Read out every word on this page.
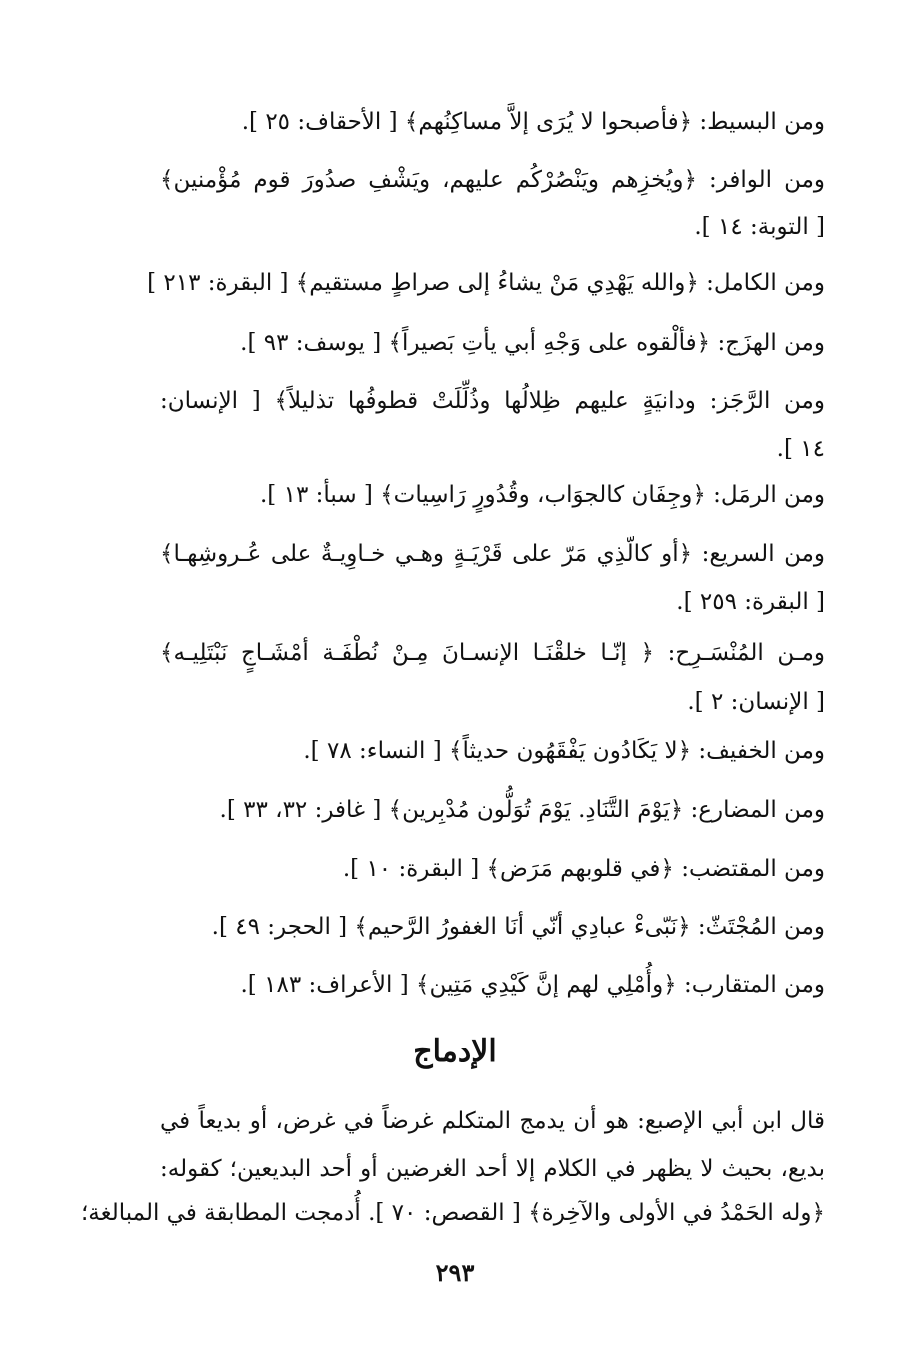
ومن البسيط: ﴿فأصبحوا لا يُرَى إلاَّ مساكِنُهم﴾ [ الأحقاف: ٢٥ ].
ومن الوافر: ﴿ويُخزِهم ويَنْصُرْكُم عليهم، ويَشْفِ صدُورَ قوم مُؤْمنين﴾
[ التوبة: ١٤ ].
ومن الكامل: ﴿والله يَهْدِي مَنْ يشاءُ إلى صراطٍ مستقيم﴾ [ البقرة: ٢١٣ ]
ومن الهزَج: ﴿فألْقوه على وَجْهِ أبي يأتِ بَصيراً﴾ [ يوسف: ٩٣ ].
ومن الرَّجَز: ودانيَةٍ عليهم ظِلالُها وذُلِّلَتْ قطوفُها تذليلاً﴾ [ الإنسان:
١٤ ].
ومن الرمَل: ﴿وجِفَان كالجوَاب، وقُدُورٍ رَاسِيات﴾ [ سبأ: ١٣ ].
ومن السريع: ﴿أو كالّذِي مَرّ على قَرْيَـةٍ وهـي خـاوِيـةٌ على عُـروشِهـا﴾
[ البقرة: ٢٥٩ ].
ومـن المُنْسَـرِح: ﴿ إنّـا خلقْنَـا الإنسـانَ مِـنْ نُطْفَـة أمْشَـاجٍ نَبْتَلِيـه﴾
[ الإنسان: ٢ ].
ومن الخفيف: ﴿لا يَكَادُون يَفْقَهُون حديثاً﴾ [ النساء: ٧٨ ].
ومن المضارع: ﴿يَوْمَ التَّنَادِ. يَوْمَ تُوَلُّون مُدْبِرين﴾ [ غافر: ٣٢، ٣٣ ].
ومن المقتضب: ﴿في قلوبهم مَرَض﴾ [ البقرة: ١٠ ].
ومن المُجْتَثّ: ﴿نَبّىءْ عبادِي أنّي أنَا الغفورُ الرَّحيم﴾ [ الحجر: ٤٩ ].
ومن المتقارب: ﴿وأُمْلِي لهم إنَّ كَيْدِي مَتِين﴾ [ الأعراف: ١٨٣ ].
الإدماج
قال ابن أبي الإصبع: هو أن يدمج المتكلم غرضاً في غرض، أو بديعاً في
بديع، بحيث لا يظهر في الكلام إلا أحد الغرضين أو أحد البديعين؛ كقوله:
﴿وله الحَمْدُ في الأولى والآخِرة﴾ [ القصص: ٧٠ ]. أُدمجت المطابقة في المبالغة؛
٢٩٣
